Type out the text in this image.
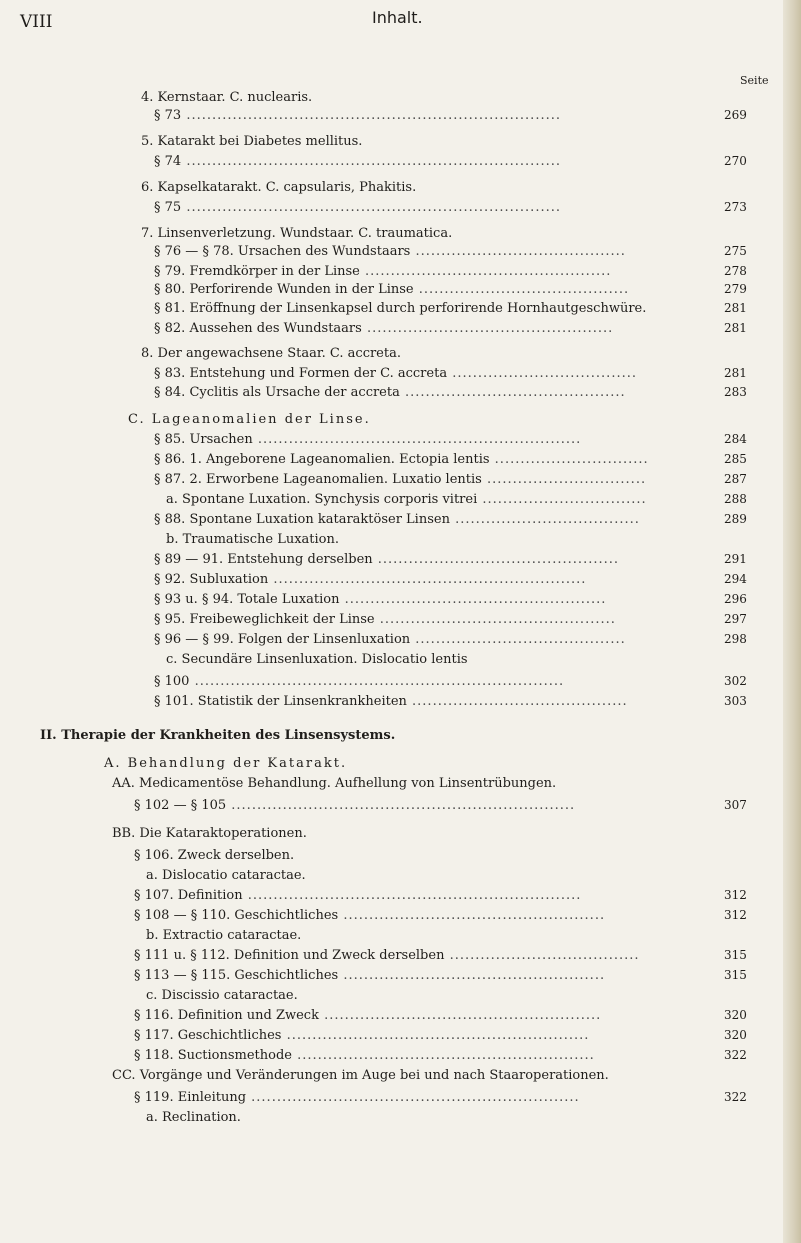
VIII	Inhalt.
Seite
4. Kernstaar. C. nuclearis.
§ 73 .........................................................................	269
5. Katarakt bei Diabetes mellitus.
§ 74 .........................................................................	270
6. Kapselkatarakt. C. capsularis, Phakitis.
§ 75 .........................................................................	273
7. Linsenverletzung. Wundstaar. C. traumatica.
§ 76 — § 78. Ursachen des Wundstaars .........................................	275
§ 79. Fremdkörper in der Linse ................................................	278
§ 80. Perforirende Wunden in der Linse .........................................	279
§ 81. Eröffnung der Linsenkapsel durch perforirende Hornhautgeschwüre.	281
§ 82. Aussehen des Wundstaars ................................................	281
8. Der angewachsene Staar. C. accreta.
§ 83. Entstehung und Formen der C. accreta ....................................	281
§ 84. Cyclitis als Ursache der accreta ...........................................	283
C. Lageanomalien der Linse.
§ 85. Ursachen ...............................................................	284
§ 86. 1. Angeborene Lageanomalien. Ectopia lentis ..............................	285
§ 87. 2. Erworbene Lageanomalien. Luxatio lentis ...............................	287
a. Spontane Luxation. Synchysis corporis vitrei ................................	288
§ 88. Spontane Luxation kataraktöser Linsen ....................................	289
b. Traumatische Luxation.
§ 89 — 91. Entstehung derselben ...............................................	291
§ 92. Subluxation .............................................................	294
§ 93 u. § 94. Totale Luxation ...................................................	296
§ 95. Freibeweglichkeit der Linse ..............................................	297
§ 96 — § 99. Folgen der Linsenluxation .........................................	298
c. Secundäre Linsenluxation. Dislocatio lentis
§ 100 ........................................................................	302
§ 101. Statistik der Linsenkrankheiten ..........................................	303
II. Therapie der Krankheiten des Linsensystems.
A. Behandlung der Katarakt.
AA. Medicamentöse Behandlung. Aufhellung von Linsentrübungen.
§ 102 — § 105 ...................................................................	307
BB. Die Kataraktoperationen.
§ 106. Zweck derselben.
a. Dislocatio cataractae.
§ 107. Definition .................................................................	312
§ 108 — § 110. Geschichtliches ...................................................	312
b. Extractio cataractae.
§ 111 u. § 112. Definition und Zweck derselben .....................................	315
§ 113 — § 115. Geschichtliches ...................................................	315
c. Discissio cataractae.
§ 116. Definition und Zweck ......................................................	320
§ 117. Geschichtliches ...........................................................	320
§ 118. Suctionsmethode ..........................................................	322
CC. Vorgänge und Veränderungen im Auge bei und nach Staaroperationen.
§ 119. Einleitung ................................................................	322
a. Reclination.
